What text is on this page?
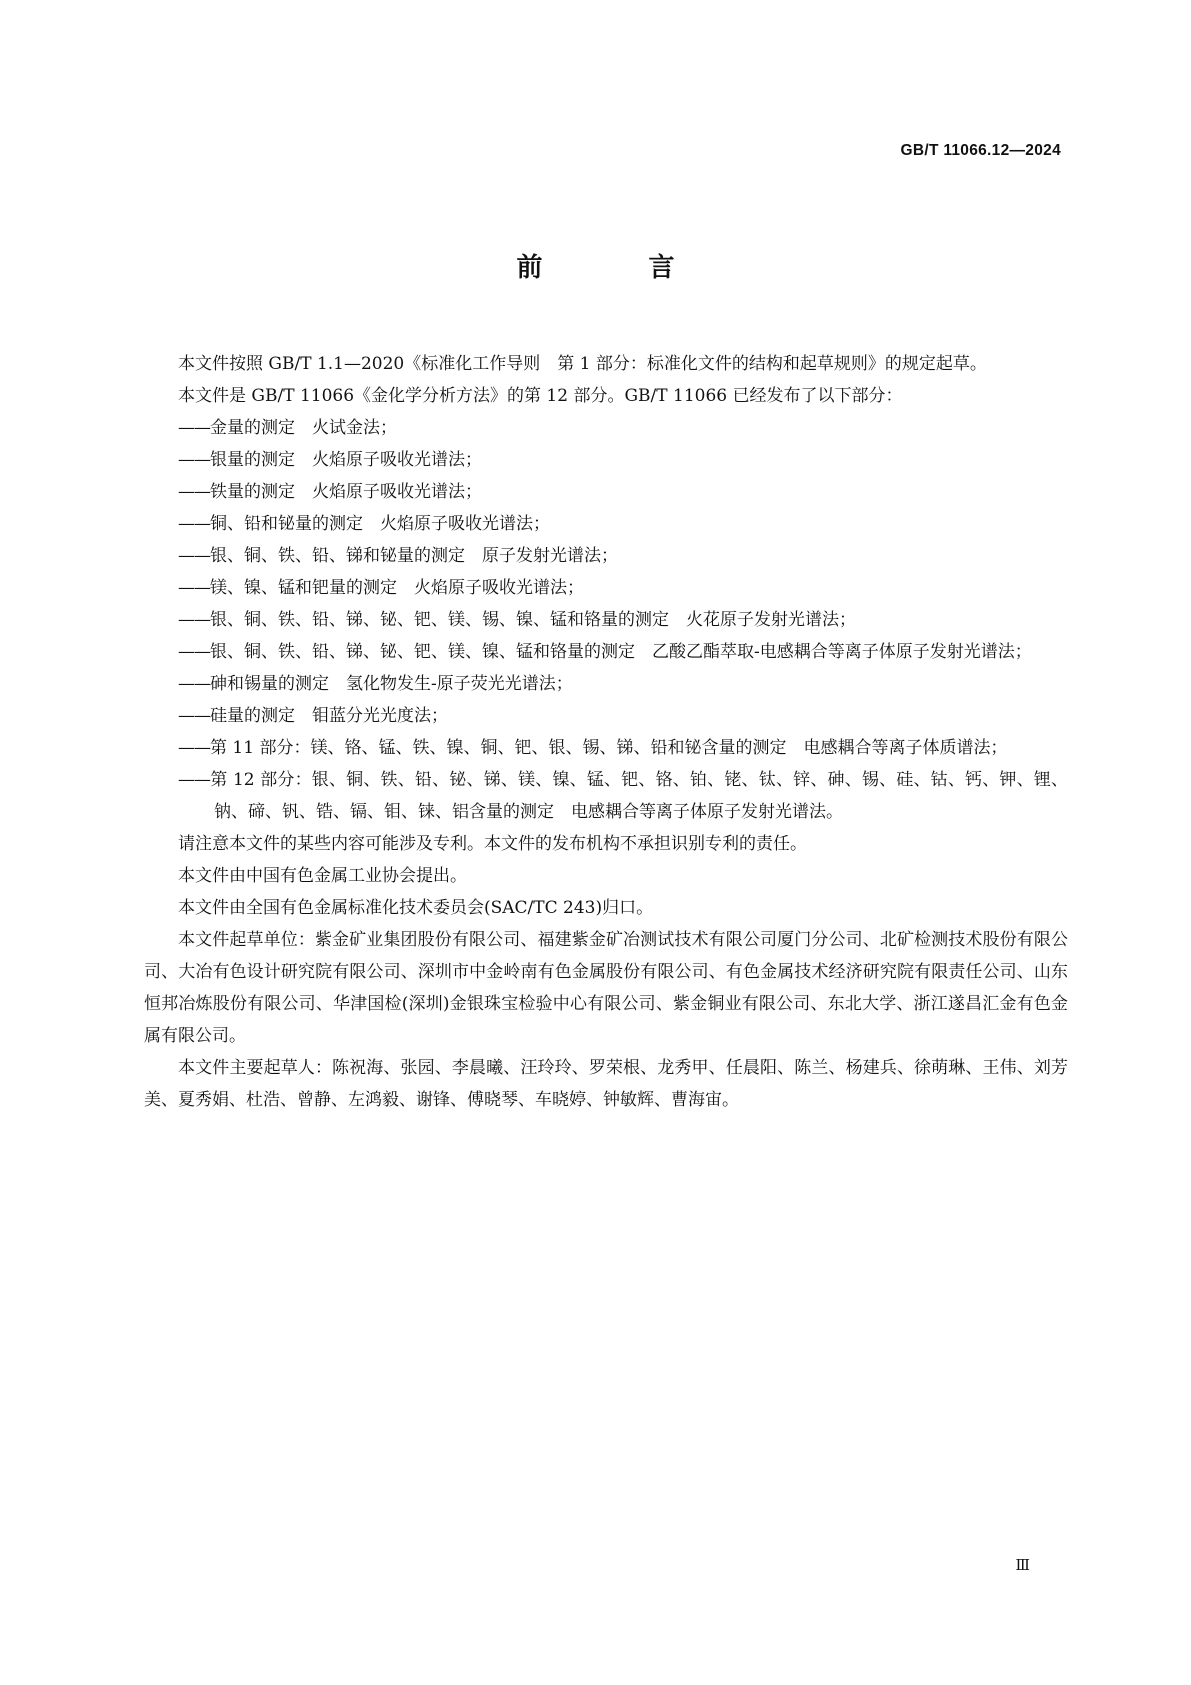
GB/T 11066.12—2024
前　言

本文件按照 GB/T 1.1—2020《标准化工作导则　第 1 部分：标准化文件的结构和起草规则》的规定起草。

本文件是 GB/T 11066《金化学分析方法》的第 12 部分。GB/T 11066 已经发布了以下部分：

——金量的测定　火试金法；
——银量的测定　火焰原子吸收光谱法；
——铁量的测定　火焰原子吸收光谱法；
——铜、铅和铋量的测定　火焰原子吸收光谱法；
——银、铜、铁、铅、锑和铋量的测定　原子发射光谱法；
——镁、镍、锰和钯量的测定　火焰原子吸收光谱法；
——银、铜、铁、铅、锑、铋、钯、镁、锡、镍、锰和铬量的测定　火花原子发射光谱法；
——银、铜、铁、铅、锑、铋、钯、镁、镍、锰和铬量的测定　乙酸乙酯萃取-电感耦合等离子体原子发射光谱法；
——砷和锡量的测定　氢化物发生-原子荧光光谱法；
——硅量的测定　钼蓝分光光度法；
——第 11 部分：镁、铬、锰、铁、镍、铜、钯、银、锡、锑、铅和铋含量的测定　电感耦合等离子体质谱法；
——第 12 部分：银、铜、铁、铅、铋、锑、镁、镍、锰、钯、铬、铂、铑、钛、锌、砷、锡、硅、钴、钙、钾、锂、钠、碲、钒、锆、镉、钼、铼、铝含量的测定　电感耦合等离子体原子发射光谱法。

请注意本文件的某些内容可能涉及专利。本文件的发布机构不承担识别专利的责任。

本文件由中国有色金属工业协会提出。

本文件由全国有色金属标准化技术委员会(SAC/TC 243)归口。

本文件起草单位：紫金矿业集团股份有限公司、福建紫金矿冶测试技术有限公司厦门分公司、北矿检测技术股份有限公司、大冶有色设计研究院有限公司、深圳市中金岭南有色金属股份有限公司、有色金属技术经济研究院有限责任公司、山东恒邦冶炼股份有限公司、华津国检(深圳)金银珠宝检验中心有限公司、紫金铜业有限公司、东北大学、浙江遂昌汇金有色金属有限公司。

本文件主要起草人：陈祝海、张园、李晨曦、汪玲玲、罗荣根、龙秀甲、任晨阳、陈兰、杨建兵、徐萌琳、王伟、刘芳美、夏秀娟、杜浩、曾静、左鸿毅、谢锋、傅晓琴、车晓婷、钟敏辉、曹海宙。

Ⅲ
